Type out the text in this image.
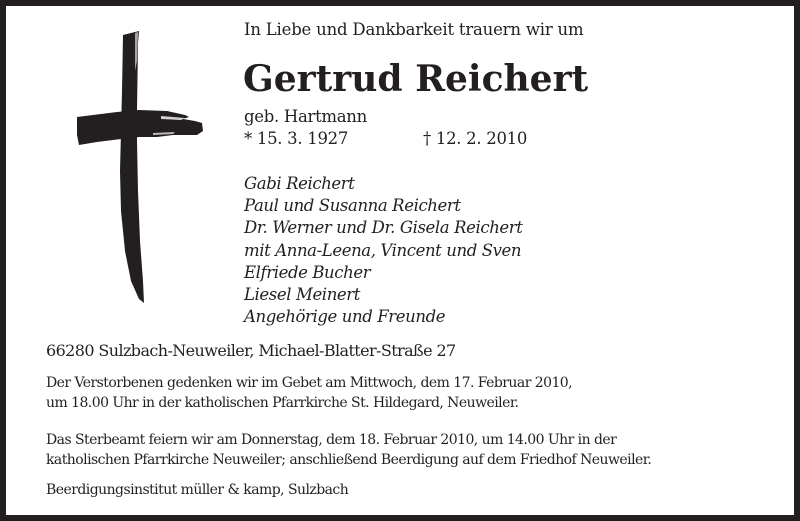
In Liebe und Dankbarkeit trauern wir um
Gertrud Reichert
geb. Hartmann
* 15. 3. 1927	† 12. 2. 2010
Gabi Reichert
Paul und Susanna Reichert
Dr. Werner und Dr. Gisela Reichert
mit Anna-Leena, Vincent und Sven
Elfriede Bucher
Liesel Meinert
Angehörige und Freunde
66280 Sulzbach-Neuweiler, Michael-Blatter-Straße 27
Der Verstorbenen gedenken wir im Gebet am Mittwoch, dem 17. Februar 2010,
um 18.00 Uhr in der katholischen Pfarrkirche St. Hildegard, Neuweiler.
Das Sterbeamt feiern wir am Donnerstag, dem 18. Februar 2010, um 14.00 Uhr in der
katholischen Pfarrkirche Neuweiler; anschließend Beerdigung auf dem Friedhof Neuweiler.
Beerdigungsinstitut müller & kamp, Sulzbach
